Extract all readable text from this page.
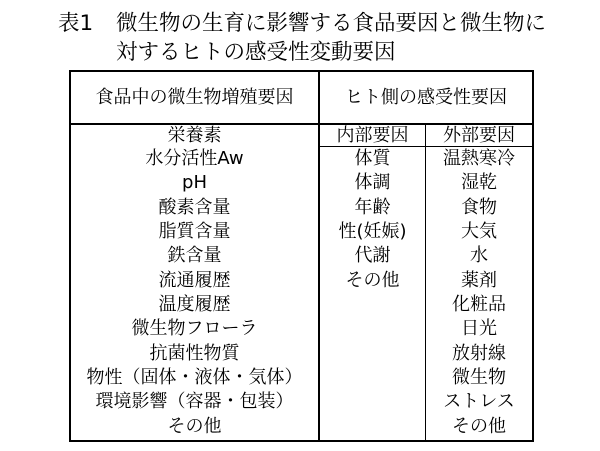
表1 微生物の生育に影響する食品要因と微生物に
対するヒトの感受性変動要因
食品中の微生物増殖要因	ヒト側の感受性要因
内部要因	外部要因
栄養素
水分活性Aw
pH
酸素含量
脂質含量
鉄含量
流通履歴
温度履歴
微生物フローラ
抗菌性物質
物性（固体・液体・気体）
環境影響（容器・包装）
その他
体質
体調
年齢
性(妊娠)
代謝
その他
温熱寒冷
湿乾
食物
大気
水
薬剤
化粧品
日光
放射線
微生物
ストレス
その他
